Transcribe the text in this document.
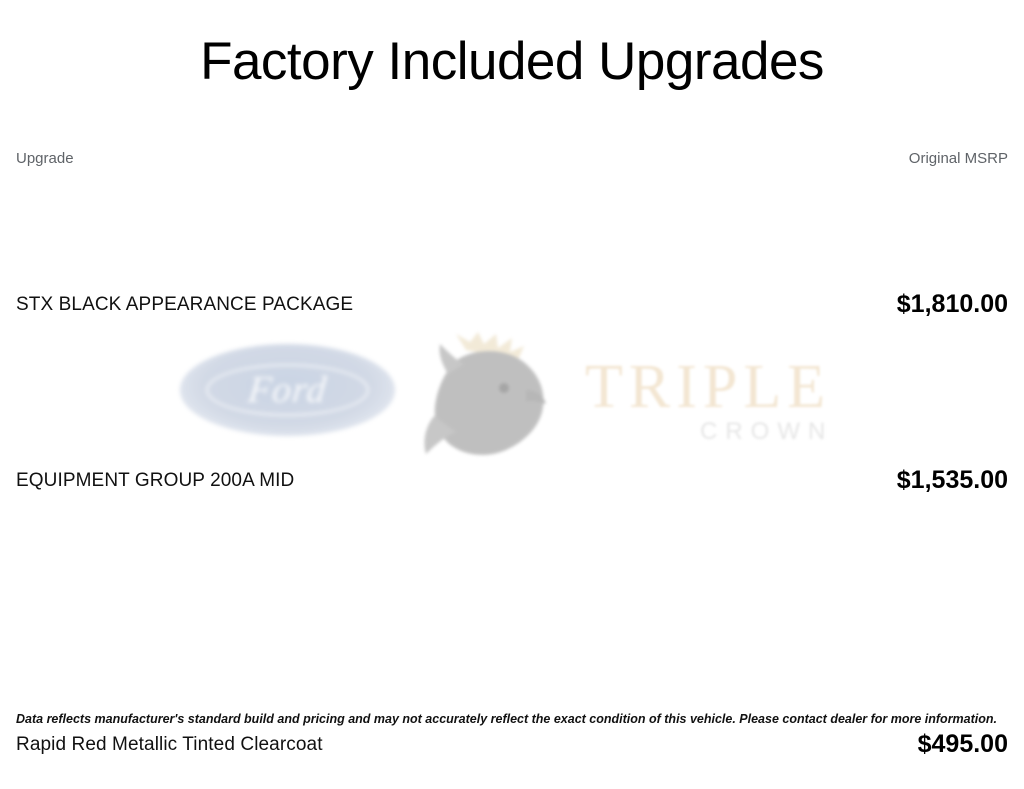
Ford	TRIPLE
CROWN
Factory Included Upgrades
Upgrade	Original MSRP

STX BLACK APPEARANCE PACKAGE	$1,810.00

EQUIPMENT GROUP 200A MID	$1,535.00

Rapid Red Metallic Tinted Clearcoat	$495.00
Data reflects manufacturer's standard build and pricing and may not accurately reflect the exact condition of this vehicle. Please contact dealer for more information.
